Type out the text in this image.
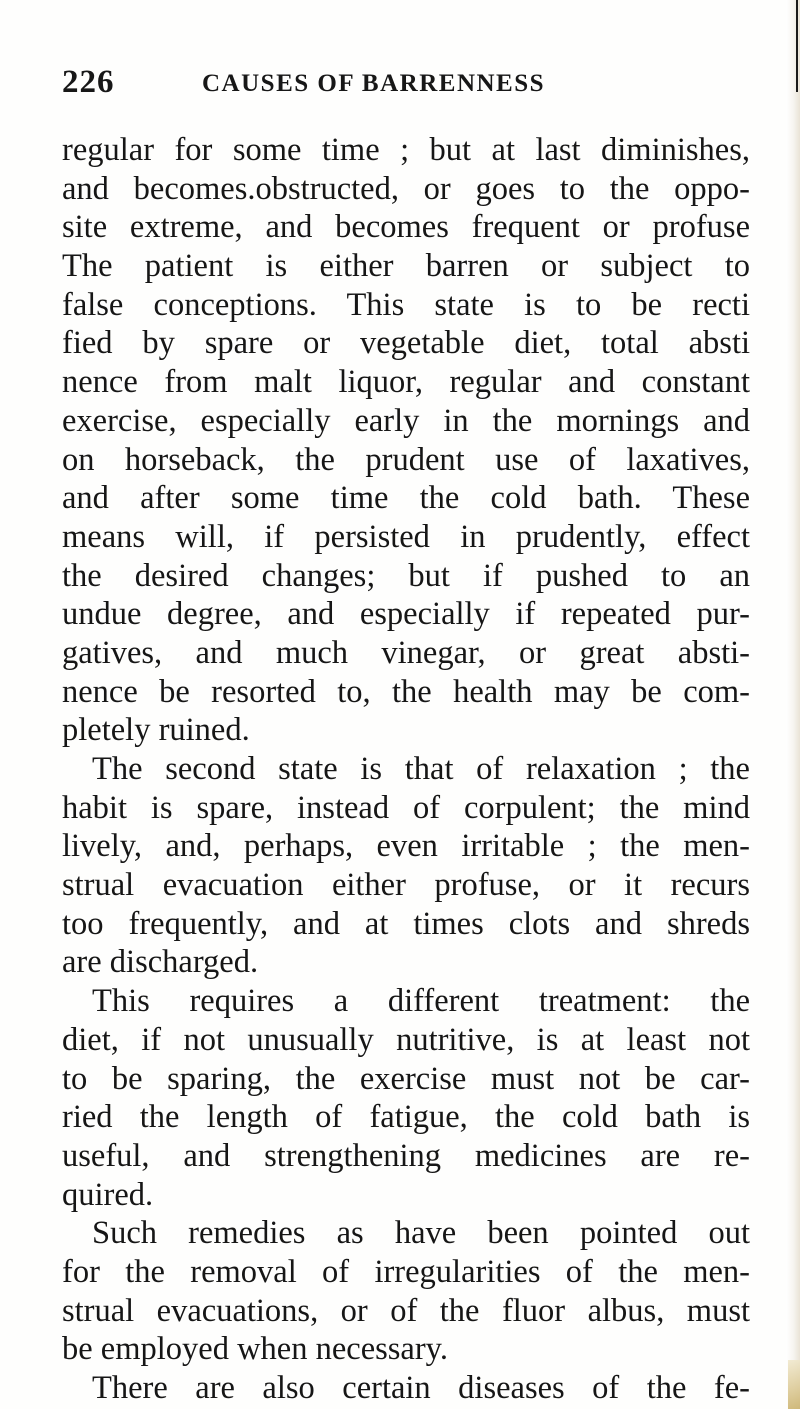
226	CAUSES OF BARRENNESS
regular for some time ; but at last diminishes,
and becomes.obstructed, or goes to the oppo-
site extreme, and becomes frequent or profuse
The patient is either barren or subject to
false conceptions. This state is to be recti
fied by spare or vegetable diet, total absti
nence from malt liquor, regular and constant
exercise, especially early in the mornings and
on horseback, the prudent use of laxatives,
and after some time the cold bath. These
means will, if persisted in prudently, effect
the desired changes; but if pushed to an
undue degree, and especially if repeated pur-
gatives, and much vinegar, or great absti-
nence be resorted to, the health may be com-
pletely ruined.
The second state is that of relaxation ; the
habit is spare, instead of corpulent; the mind
lively, and, perhaps, even irritable ; the men-
strual evacuation either profuse, or it recurs
too frequently, and at times clots and shreds
are discharged.
This requires a different treatment: the
diet, if not unusually nutritive, is at least not
to be sparing, the exercise must not be car-
ried the length of fatigue, the cold bath is
useful, and strengthening medicines are re-
quired.
Such remedies as have been pointed out
for the removal of irregularities of the men-
strual evacuations, or of the fluor albus, must
be employed when necessary.
There are also certain diseases of the fe-
